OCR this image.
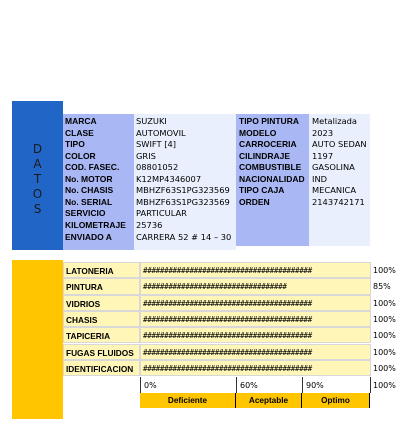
D
A
T
O
S
MARCA	SUZUKI
CLASE	AUTOMOVIL
TIPO	SWIFT [4]
COLOR	GRIS
COD. FASEC. 08801052
No. MOTOR	K12MP4346007
No. CHASIS	MBHZF63S1PG323569
No. SERIAL	MBHZF63S1PG323569
SERVICIO	PARTICULAR
KILOMETRAJE 25736
ENVIADO A	CARRERA 52 # 14 – 30
TIPO PINTURA Metalizada
MODELO	2023
CARROCERIA AUTO SEDAN
CILINDRAJE	1197
COMBUSTIBLE GASOLINA
NACIONALIDAD IND
TIPO CAJA	MECANICA
ORDEN	2143742171
LATONERIA	########################################	100%
PINTURA	##################################	85%
VIDRIOS	########################################	100%
CHASIS	########################################	100%
TAPICERIA	########################################	100%
FUGAS FLUIDOS ########################################	100%
IDENTIFICACION ########################################	100%
0%	60%	90%	100%
Deficiente	Aceptable	Optimo
